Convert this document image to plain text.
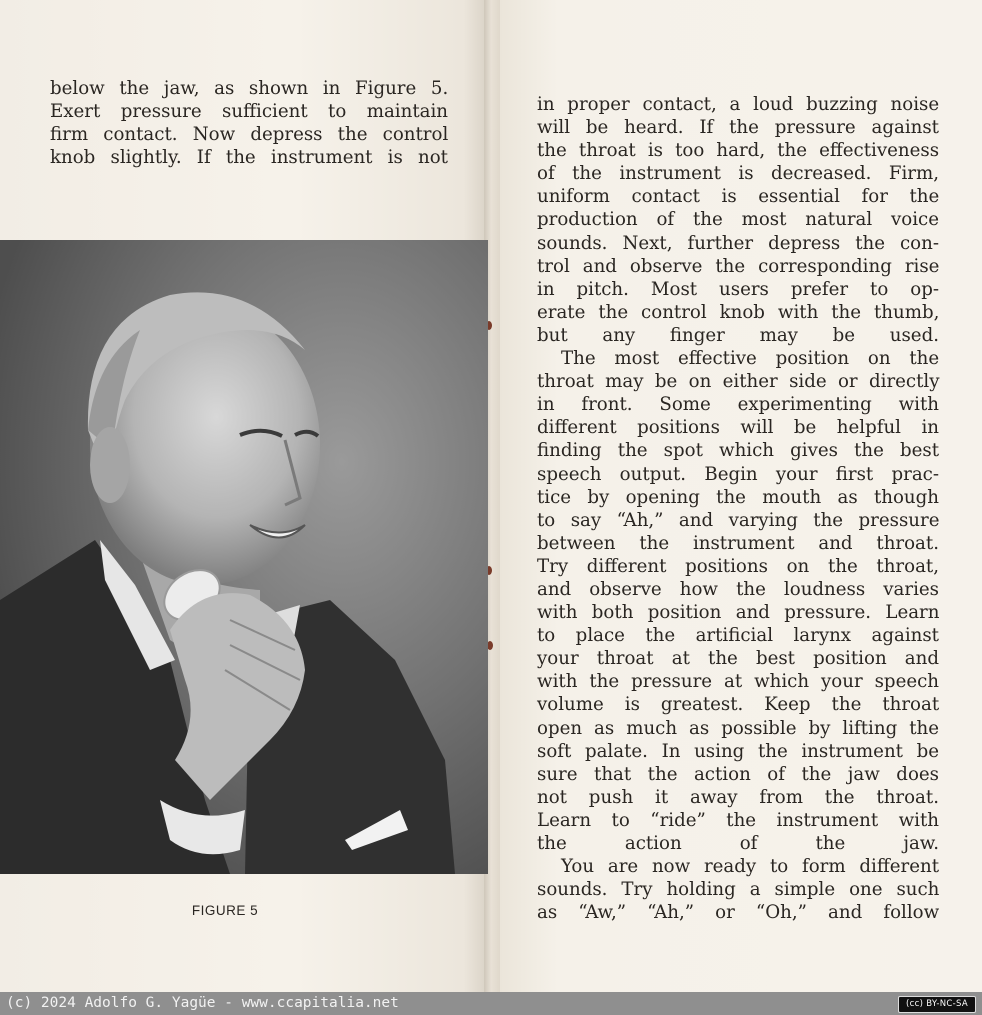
below the jaw, as shown in Figure 5.
Exert pressure sufficient to maintain
firm contact. Now depress the control
knob slightly. If the instrument is not
FIGURE 5
in proper contact, a loud buzzing noise
will be heard. If the pressure against
the throat is too hard, the effectiveness
of the instrument is decreased. Firm,
uniform contact is essential for the
production of the most natural voice
sounds. Next, further depress the con-
trol and observe the corresponding rise
in pitch. Most users prefer to op-
erate the control knob with the thumb,
but any finger may be used.
The most effective position on the
throat may be on either side or directly
in front. Some experimenting with
different positions will be helpful in
finding the spot which gives the best
speech output. Begin your first prac-
tice by opening the mouth as though
to say “Ah,” and varying the pressure
between the instrument and throat.
Try different positions on the throat,
and observe how the loudness varies
with both position and pressure. Learn
to place the artificial larynx against
your throat at the best position and
with the pressure at which your speech
volume is greatest. Keep the throat
open as much as possible by lifting the
soft palate. In using the instrument be
sure that the action of the jaw does
not push it away from the throat.
Learn to “ride” the instrument with
the action of the jaw.
You are now ready to form different
sounds. Try holding a simple one such
as “Aw,” “Ah,” or “Oh,” and follow
(c) 2024 Adolfo G. Yagüe - www.ccapitalia.net	(cc) BY-NC-SA
